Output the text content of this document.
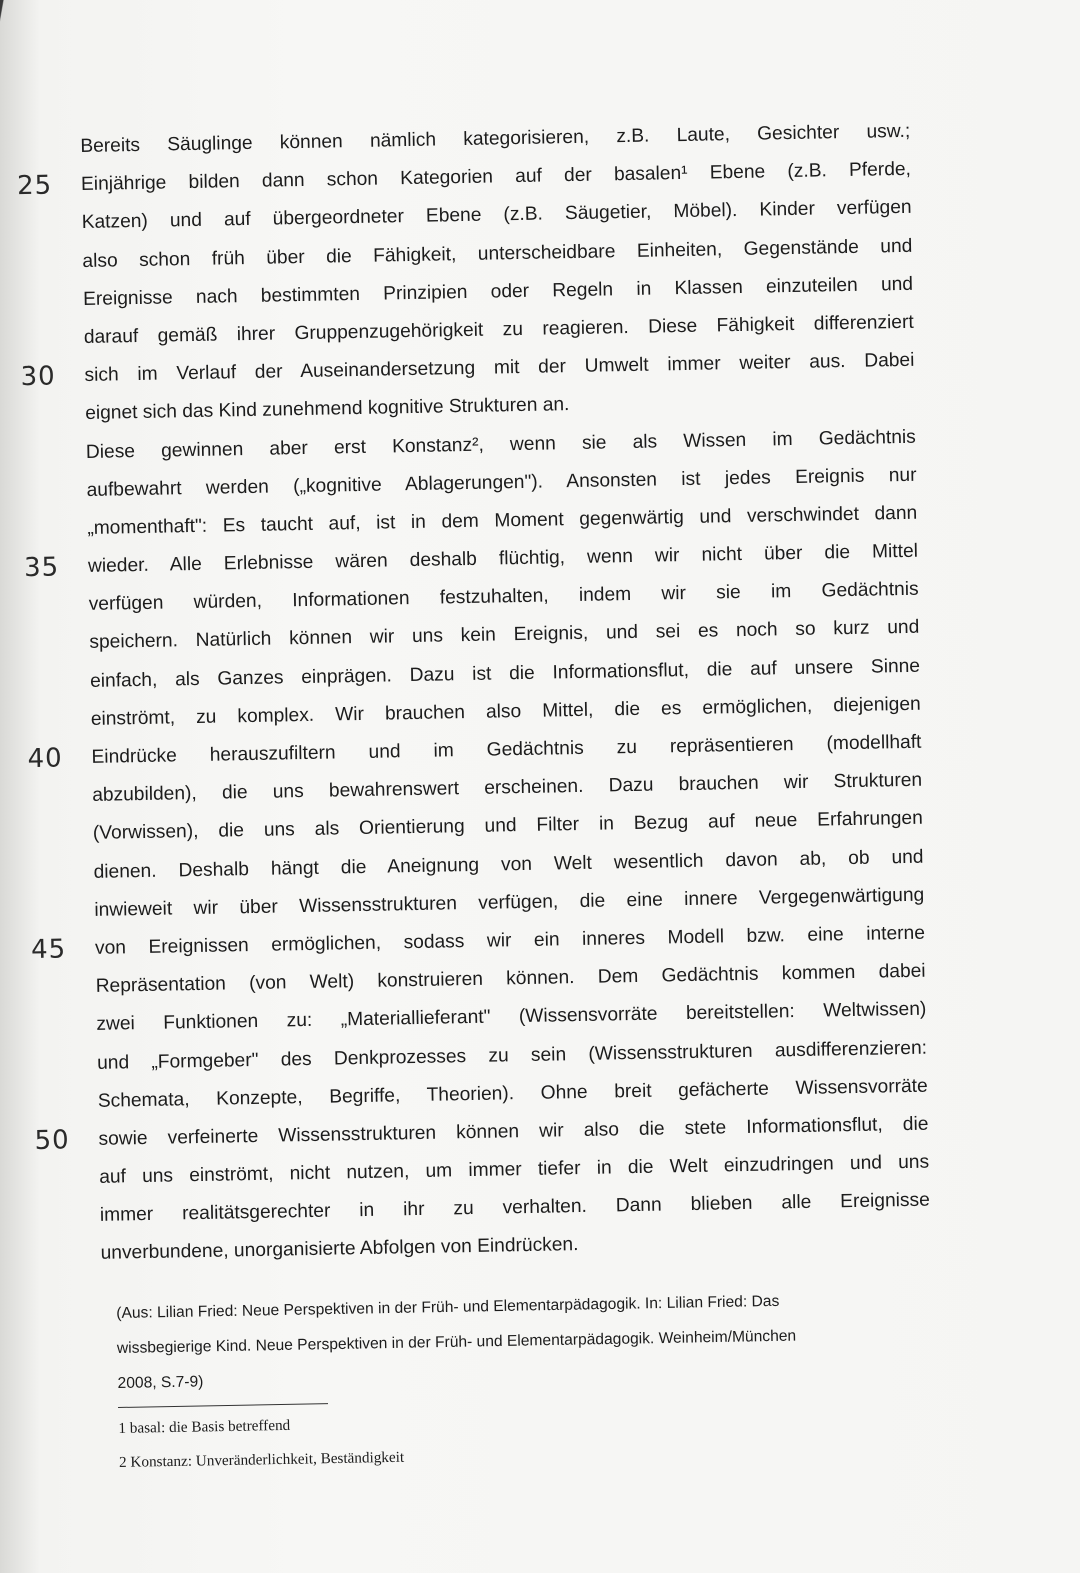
Bereits Säuglinge können nämlich kategorisieren, z.B. Laute, Gesichter usw.;
25	Einjährige bilden dann schon Kategorien auf der basalen¹ Ebene (z.B. Pferde,
Katzen) und auf übergeordneter Ebene (z.B. Säugetier, Möbel). Kinder verfügen
also schon früh über die Fähigkeit, unterscheidbare Einheiten, Gegenstände und
Ereignisse nach bestimmten Prinzipien oder Regeln in Klassen einzuteilen und
darauf gemäß ihrer Gruppenzugehörigkeit zu reagieren. Diese Fähigkeit differenziert
30	sich im Verlauf der Auseinandersetzung mit der Umwelt immer weiter aus. Dabei
eignet sich das Kind zunehmend kognitive Strukturen an.
Diese gewinnen aber erst Konstanz², wenn sie als Wissen im Gedächtnis
aufbewahrt werden („kognitive Ablagerungen"). Ansonsten ist jedes Ereignis nur
„momenthaft": Es taucht auf, ist in dem Moment gegenwärtig und verschwindet dann
35	wieder. Alle Erlebnisse wären deshalb flüchtig, wenn wir nicht über die Mittel
verfügen würden, Informationen festzuhalten, indem wir sie im Gedächtnis
speichern. Natürlich können wir uns kein Ereignis, und sei es noch so kurz und
einfach, als Ganzes einprägen. Dazu ist die Informationsflut, die auf unsere Sinne
einströmt, zu komplex. Wir brauchen also Mittel, die es ermöglichen, diejenigen
40	Eindrücke herauszufiltern und im Gedächtnis zu repräsentieren (modellhaft
abzubilden), die uns bewahrenswert erscheinen. Dazu brauchen wir Strukturen
(Vorwissen), die uns als Orientierung und Filter in Bezug auf neue Erfahrungen
dienen. Deshalb hängt die Aneignung von Welt wesentlich davon ab, ob und
inwieweit wir über Wissensstrukturen verfügen, die eine innere Vergegenwärtigung
45	von Ereignissen ermöglichen, sodass wir ein inneres Modell bzw. eine interne
Repräsentation (von Welt) konstruieren können. Dem Gedächtnis kommen dabei
zwei Funktionen zu: „Materiallieferant" (Wissensvorräte bereitstellen: Weltwissen)
und „Formgeber" des Denkprozesses zu sein (Wissensstrukturen ausdifferenzieren:
Schemata, Konzepte, Begriffe, Theorien). Ohne breit gefächerte Wissensvorräte
50	sowie verfeinerte Wissensstrukturen können wir also die stete Informationsflut, die
auf uns einströmt, nicht nutzen, um immer tiefer in die Welt einzudringen und uns
immer realitätsgerechter in ihr zu verhalten. Dann blieben alle Ereignisse
unverbundene, unorganisierte Abfolgen von Eindrücken.
(Aus: Lilian Fried: Neue Perspektiven in der Früh- und Elementarpädagogik. In: Lilian Fried: Das
wissbegierige Kind. Neue Perspektiven in der Früh- und Elementarpädagogik. Weinheim/München
2008, S.7-9)
1 basal: die Basis betreffend
2 Konstanz: Unveränderlichkeit, Beständigkeit
